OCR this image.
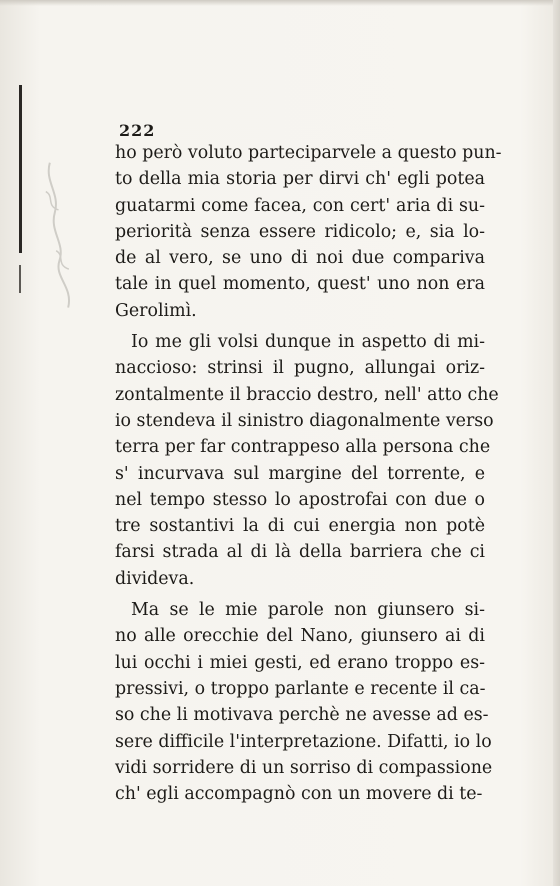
222
ho però voluto parteciparvele a questo pun-
to della mia storia per dirvi ch' egli potea
guatarmi come facea, con cert' aria di su-
periorità senza essere ridicolo; e, sia lo-
de al vero, se uno di noi due compariva
tale in quel momento, quest' uno non era
Gerolimì.
Io me gli volsi dunque in aspetto di mi-
naccioso: strinsi il pugno, allungai oriz-
zontalmente il braccio destro, nell' atto che
io stendeva il sinistro diagonalmente verso
terra per far contrappeso alla persona che
s' incurvava sul margine del torrente, e
nel tempo stesso lo apostrofai con due o
tre sostantivi la di cui energia non potè
farsi strada al di là della barriera che ci
divideva.
Ma se le mie parole non giunsero si-
no alle orecchie del Nano, giunsero ai di
lui occhi i miei gesti, ed erano troppo es-
pressivi, o troppo parlante e recente il ca-
so che li motivava perchè ne avesse ad es-
sere difficile l'interpretazione. Difatti, io lo
vidi sorridere di un sorriso di compassione
ch' egli accompagnò con un movere di te-
